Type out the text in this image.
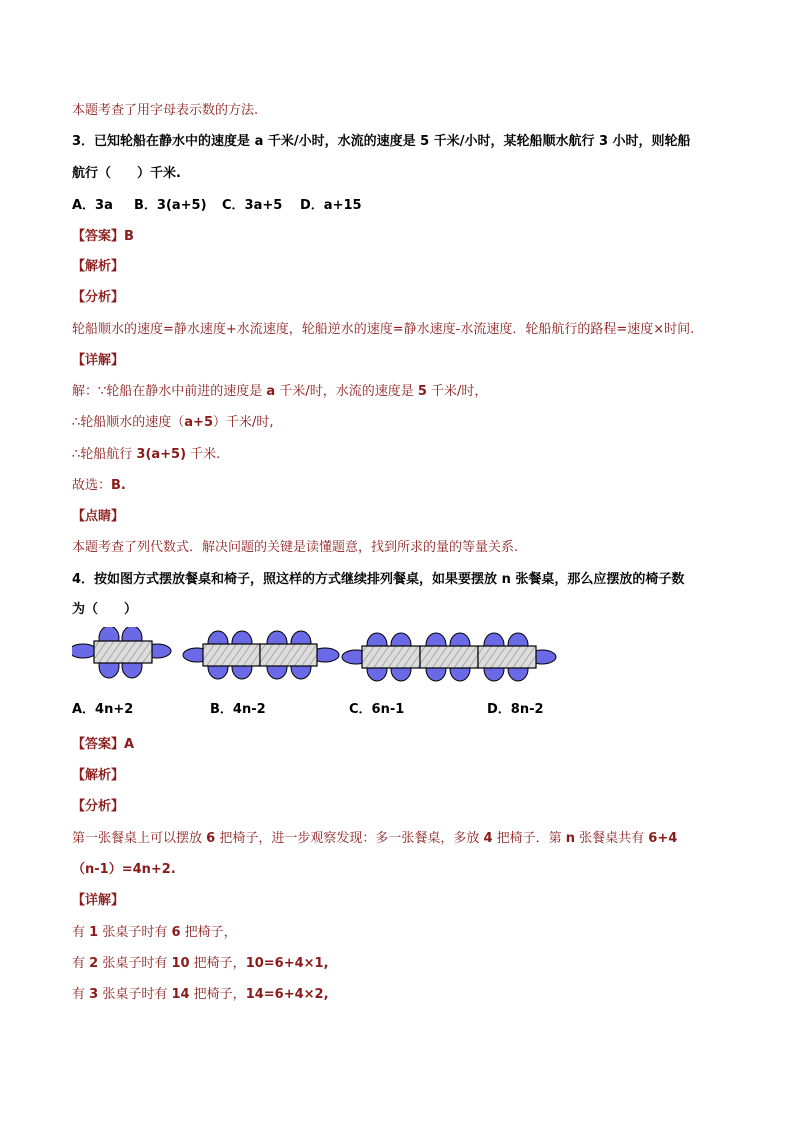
本题考查了用字母表示数的方法.
3．已知轮船在静水中的速度是 a 千米/小时，水流的速度是 5 千米/小时，某轮船顺水航行 3 小时，则轮船
航行（　　）千米.
A．3a B．3(a+5) C．3a+5 D．a+15
【答案】B
【解析】
【分析】
轮船顺水的速度=静水速度+水流速度，轮船逆水的速度=静水速度-水流速度．轮船航行的路程=速度×时间.
【详解】
解：∵轮船在静水中前进的速度是 a 千米/时，水流的速度是 5 千米/时，
∴轮船顺水的速度（a+5）千米/时,
∴轮船航行 3(a+5) 千米.
故选：B.
【点睛】
本题考查了列代数式．解决问题的关键是读懂题意，找到所求的量的等量关系.
4．按如图方式摆放餐桌和椅子，照这样的方式继续排列餐桌，如果要摆放 n 张餐桌，那么应摆放的椅子数
为（　　）
A．4n+2	B．4n-2	C．6n-1	D．8n-2
【答案】A
【解析】
【分析】
第一张餐桌上可以摆放 6 把椅子，进一步观察发现：多一张餐桌，多放 4 把椅子．第 n 张餐桌共有 6+4
（n-1）=4n+2.
【详解】
有 1 张桌子时有 6 把椅子，
有 2 张桌子时有 10 把椅子，10=6+4×1,
有 3 张桌子时有 14 把椅子，14=6+4×2,
